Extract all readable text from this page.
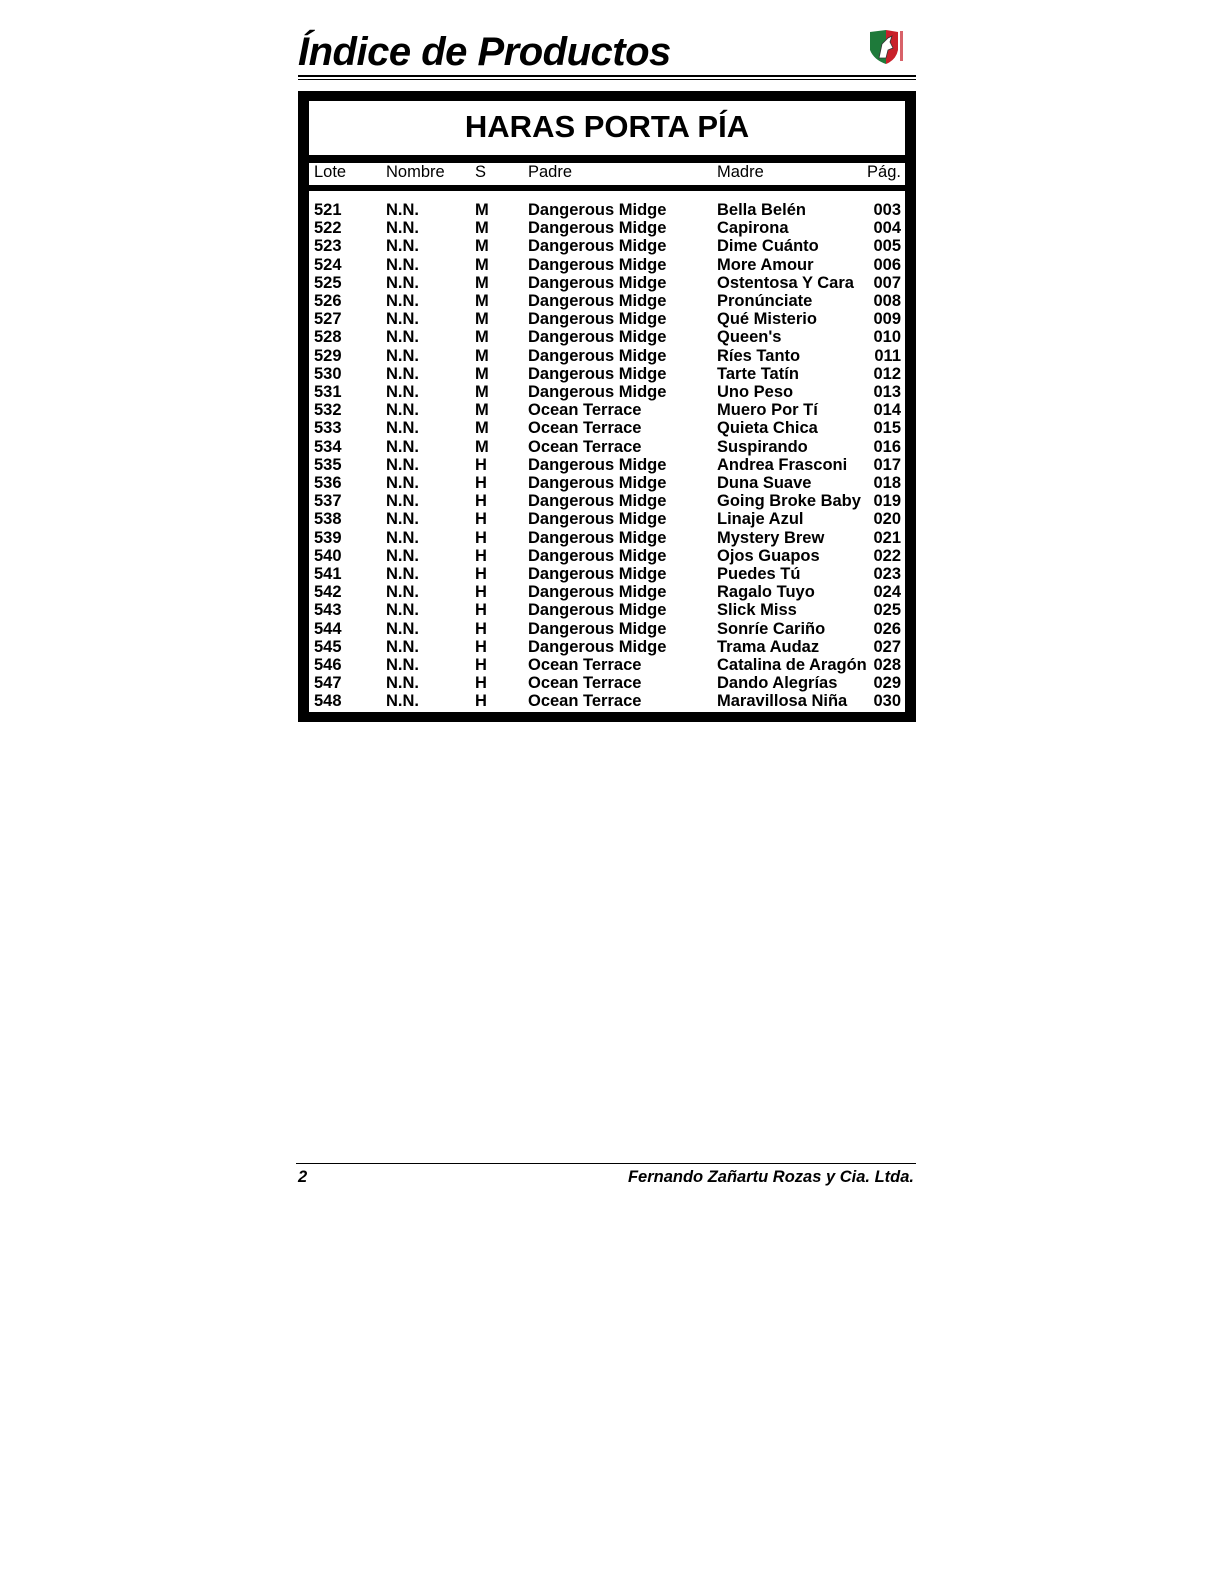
Índice de Productos
HARAS PORTA PÍA
Lote Nombre S	Padre	Madre	Pág.
521	N.N.	M Dangerous Midge	Bella Belén	003
522	N.N.	M Dangerous Midge	Capirona	004
523	N.N.	M Dangerous Midge	Dime Cuánto	005
524	N.N.	M Dangerous Midge	More Amour	006
525	N.N.	M Dangerous Midge	Ostentosa Y Cara 007
526	N.N.	M Dangerous Midge	Pronúnciate	008
527	N.N.	M Dangerous Midge	Qué Misterio	009
528	N.N.	M Dangerous Midge	Queen's	010
529	N.N.	M Dangerous Midge	Ríes Tanto	011
530	N.N.	M Dangerous Midge	Tarte Tatín	012
531	N.N.	M Dangerous Midge	Uno Peso	013
532	N.N.	M Ocean Terrace	Muero Por Tí	014
533	N.N.	M Ocean Terrace	Quieta Chica	015
534	N.N.	M Ocean Terrace	Suspirando	016
535	N.N.	H Dangerous Midge	Andrea Frasconi 017
536	N.N.	H Dangerous Midge	Duna Suave	018
537	N.N.	H Dangerous Midge	Going Broke Baby 019
538	N.N.	H Dangerous Midge	Linaje Azul	020
539	N.N.	H Dangerous Midge	Mystery Brew	021
540	N.N.	H Dangerous Midge	Ojos Guapos	022
541	N.N.	H Dangerous Midge	Puedes Tú	023
542	N.N.	H Dangerous Midge	Ragalo Tuyo	024
543	N.N.	H Dangerous Midge	Slick Miss	025
544	N.N.	H Dangerous Midge	Sonríe Cariño	026
545	N.N.	H Dangerous Midge	Trama Audaz	027
546	N.N.	H Ocean Terrace	Catalina de Aragón 028
547	N.N.	H Ocean Terrace	Dando Alegrías 029
548	N.N.	H Ocean Terrace	Maravillosa Niña 030
2	Fernando Zañartu Rozas y Cia. Ltda.
